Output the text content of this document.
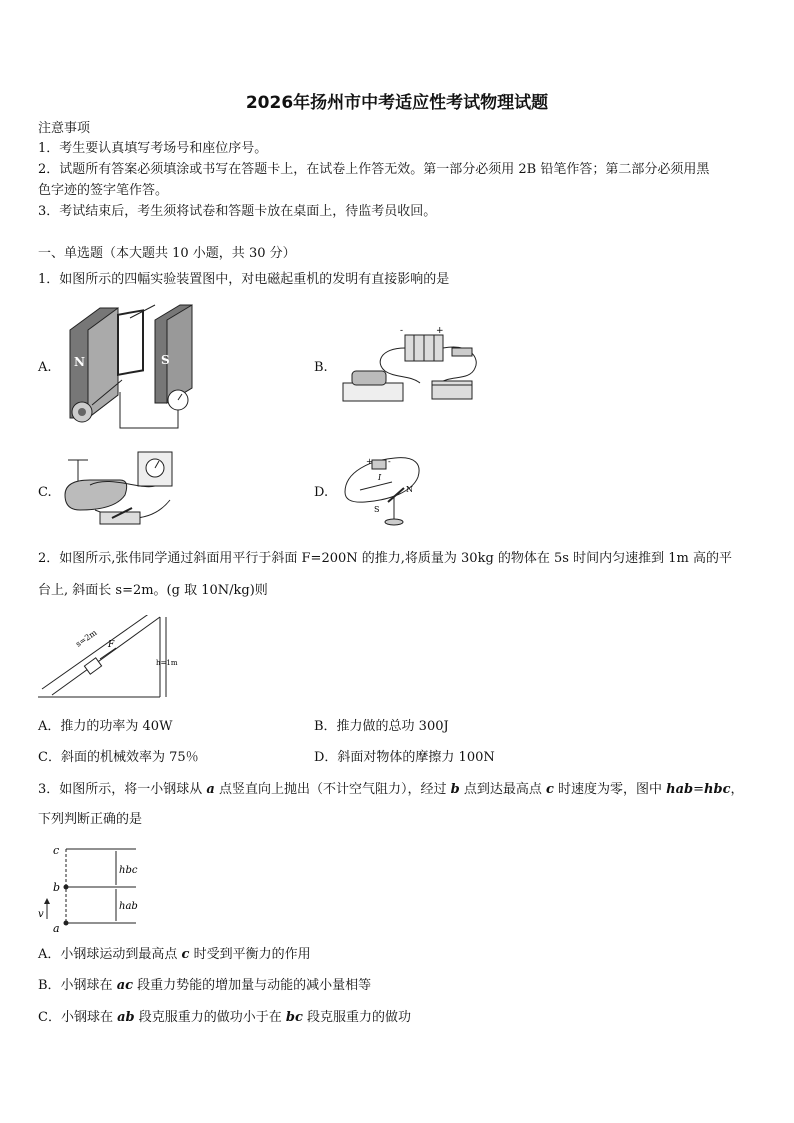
2026年扬州市中考适应性考试物理试题
注意事项
1．考生要认真填写考场号和座位序号。
2．试题所有答案必须填涂或书写在答题卡上，在试卷上作答无效。第一部分必须用 2B 铅笔作答；第二部分必须用黑
色字迹的签字笔作答。
3．考试结束后，考生须将试卷和答题卡放在桌面上，待监考员收回。
一、单选题（本大题共 10 小题，共 30 分）
1．如图所示的四幅实验装置图中，对电磁起重机的发明有直接影响的是
A.	B.
C.	D.
N	S
-	+
+ -
I
N
S
2．如图所示,张伟同学通过斜面用平行于斜面 F=200N 的推力,将质量为 30kg 的物体在 5s 时间内匀速推到 1m 高的平
台上, 斜面长 s=2m。(g 取 10N/kg)则
s=2m F
h=1m
A．推力的功率为 40W	B．推力做的总功 300J
C．斜面的机械效率为 75％	D．斜面对物体的摩擦力 100N
3．如图所示，将一小钢球从 a 点竖直向上抛出（不计空气阻力），经过 b 点到达最高点 c 时速度为零，图中 hab=hbc，
下列判断正确的是
c
b
a
v
hbc
hab
A．小钢球运动到最高点 c 时受到平衡力的作用
B．小钢球在 ac 段重力势能的增加量与动能的减小量相等
C．小钢球在 ab 段克服重力的做功小于在 bc 段克服重力的做功
